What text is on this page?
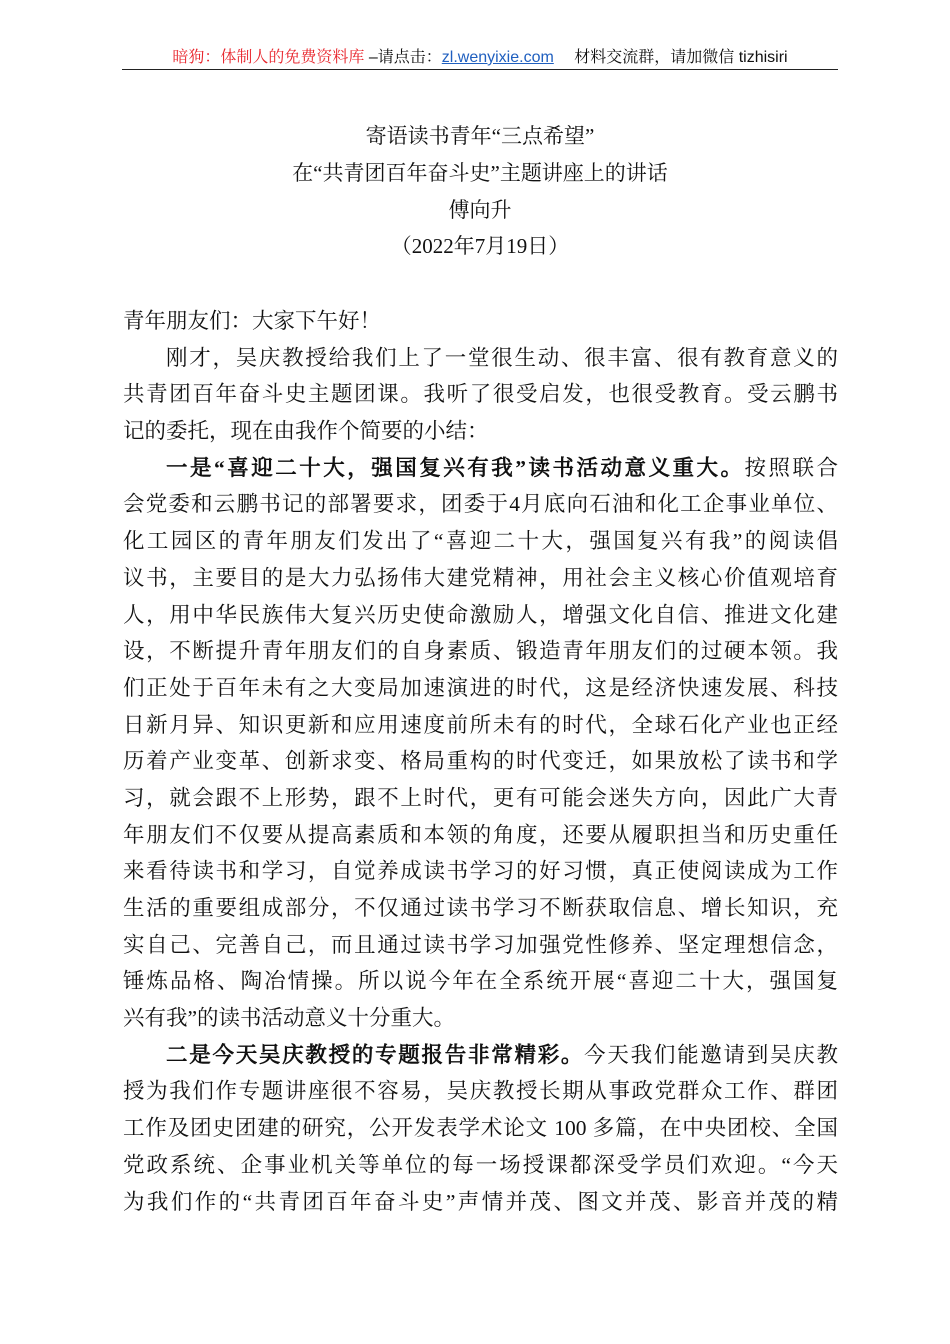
暗狗：体制人的免费资料库 –请点击：zl.wenyixie.com　 材料交流群，请加微信 tizhisiri
寄语读书青年“三点希望”
在“共青团百年奋斗史”主题讲座上的讲话
傅向升
（2022年7月19日）
青年朋友们：大家下午好！
刚才，吴庆教授给我们上了一堂很生动、很丰富、很有教育意义的
共青团百年奋斗史主题团课。我听了很受启发，也很受教育。受云鹏书
记的委托，现在由我作个简要的小结：
一是“喜迎二十大，强国复兴有我”读书活动意义重大。按照联合
会党委和云鹏书记的部署要求，团委于4月底向石油和化工企事业单位、
化工园区的青年朋友们发出了“喜迎二十大，强国复兴有我”的阅读倡
议书，主要目的是大力弘扬伟大建党精神，用社会主义核心价值观培育
人，用中华民族伟大复兴历史使命激励人，增强文化自信、推进文化建
设，不断提升青年朋友们的自身素质、锻造青年朋友们的过硬本领。我
们正处于百年未有之大变局加速演进的时代，这是经济快速发展、科技
日新月异、知识更新和应用速度前所未有的时代，全球石化产业也正经
历着产业变革、创新求变、格局重构的时代变迁，如果放松了读书和学
习，就会跟不上形势，跟不上时代，更有可能会迷失方向，因此广大青
年朋友们不仅要从提高素质和本领的角度，还要从履职担当和历史重任
来看待读书和学习，自觉养成读书学习的好习惯，真正使阅读成为工作
生活的重要组成部分，不仅通过读书学习不断获取信息、增长知识，充
实自己、完善自己，而且通过读书学习加强党性修养、坚定理想信念，
锤炼品格、陶冶情操。所以说今年在全系统开展“喜迎二十大，强国复
兴有我”的读书活动意义十分重大。
二是今天吴庆教授的专题报告非常精彩。今天我们能邀请到吴庆教
授为我们作专题讲座很不容易，吴庆教授长期从事政党群众工作、群团
工作及团史团建的研究，公开发表学术论文 100 多篇，在中央团校、全国
党政系统、企事业机关等单位的每一场授课都深受学员们欢迎。“今天
为我们作的“共青团百年奋斗史”声情并茂、图文并茂、影音并茂的精
